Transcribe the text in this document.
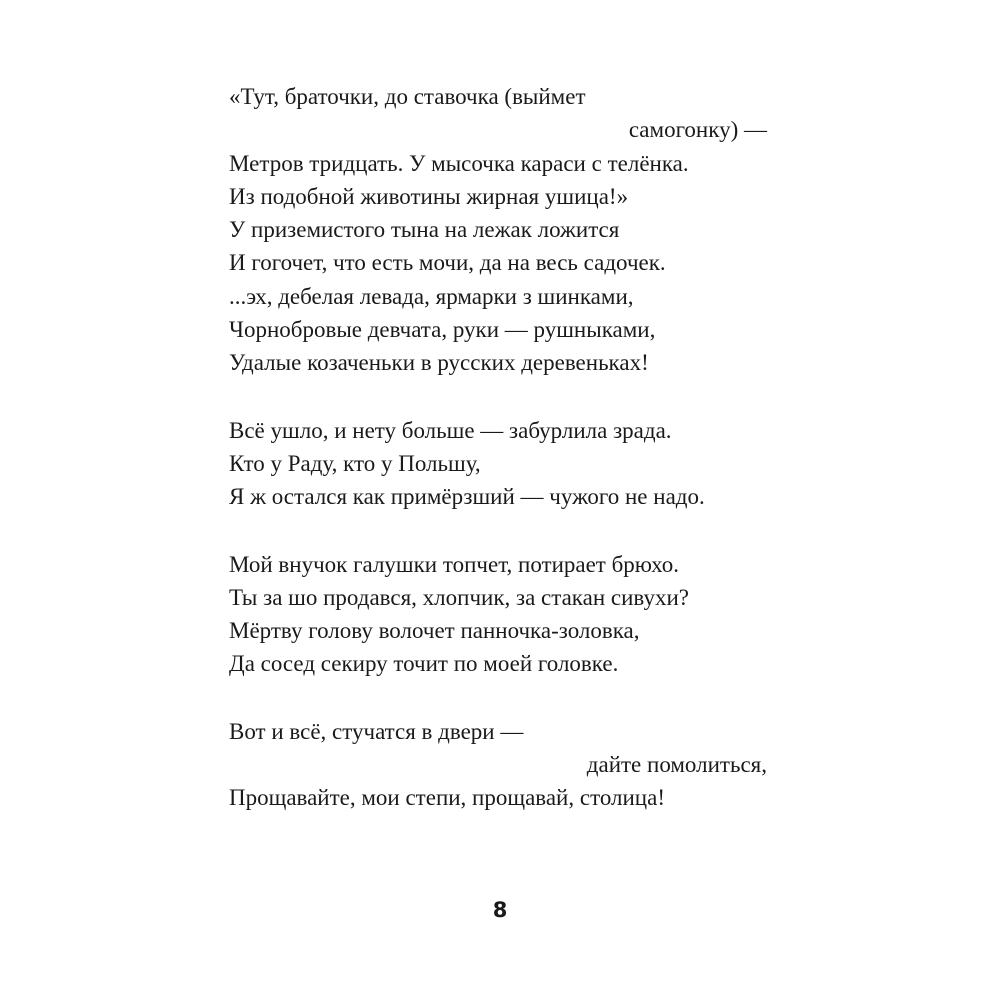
«Тут, браточки, до ставочка (выймет
самогонку) —
Метров тридцать. У мысочка караси с телёнка.
Из подобной животины жирная ушица!»
У приземистого тына на лежак ложится
И гогочет, что есть мочи, да на весь садочек.
...эх, дебелая левада, ярмарки з шинками,
Чорнобровые девчата, руки — рушныками,
Удалые козаченьки в русских деревеньках!
Всё ушло, и нету больше — забурлила зрада.
Кто у Раду, кто у Польшу,
Я ж остался как примёрзший — чужого не надо.
Мой внучок галушки топчет, потирает брюхо.
Ты за шо продався, хлопчик, за стакан сивухи?
Мёртву голову волочет панночка-золовка,
Да сосед секиру точит по моей головке.
Вот и всё, стучатся в двери —
дайте помолиться,
Прощавайте, мои степи, прощавай, столица!
8
